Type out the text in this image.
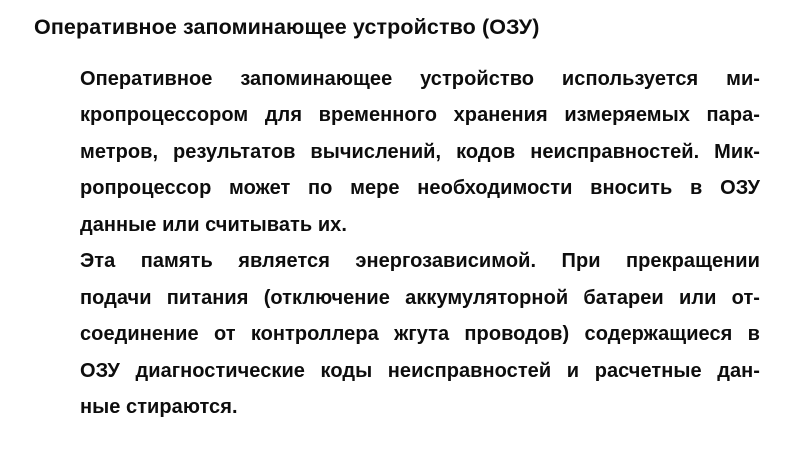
Оперативное запоминающее устройство (ОЗУ)

Оперативное запоминающее устройство используется ми-
кропроцессором для временного хранения измеряемых пара-
метров, результатов вычислений, кодов неисправностей. Мик-
ропроцессор может по мере необходимости вносить в ОЗУ
данные или считывать их.

Эта память является энергозависимой. При прекращении
подачи питания (отключение аккумуляторной батареи или от-
соединение от контроллера жгута проводов) содержащиеся в
ОЗУ диагностические коды неисправностей и расчетные дан-
ные стираются.
